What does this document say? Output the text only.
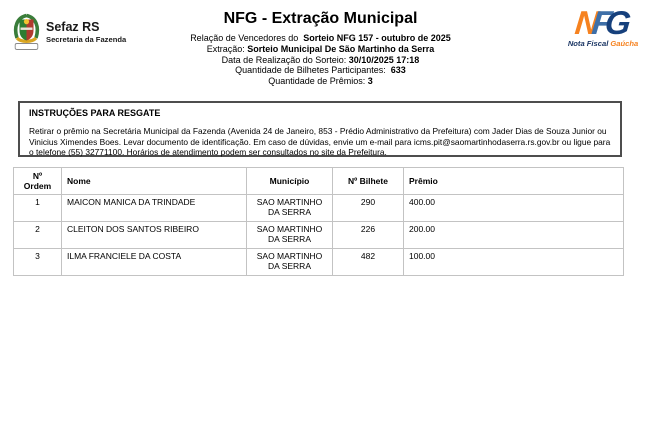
Sefaz RS
Secretaria da Fazenda
NFG - Extração Municipal
Relação de Vencedores do  Sorteio NFG 157 - outubro de 2025
Extração: Sorteio Municipal De São Martinho da Serra
Data de Realização do Sorteio: 30/10/2025 17:18
Quantidade de Bilhetes Participantes:  633
Quantidade de Prêmios: 3
NFG
Nota Fiscal Gaúcha
INSTRUÇÕES PARA RESGATE
Retirar o prêmio na Secretária Municipal da Fazenda (Avenida 24 de Janeiro, 853 - Prédio Administrativo da Prefeitura) com Jader Dias de Souza Junior ou Vinicius Ximendes Boes. Levar documento de identificação. Em caso de dúvidas, envie um e-mail para icms.pit@saomartinhodaserra.rs.gov.br ou ligue para o telefone (55) 32771100. Horários de atendimento podem ser consultados no site da Prefeitura.
Nº Ordem	Nome	Município	Nº Bilhete	Prêmio
1	MAICON MANICA DA TRINDADE	SAO MARTINHO DA SERRA	290	400.00
2	CLEITON DOS SANTOS RIBEIRO	SAO MARTINHO DA SERRA	226	200.00
3	ILMA FRANCIELE DA COSTA	SAO MARTINHO DA SERRA	482	100.00
